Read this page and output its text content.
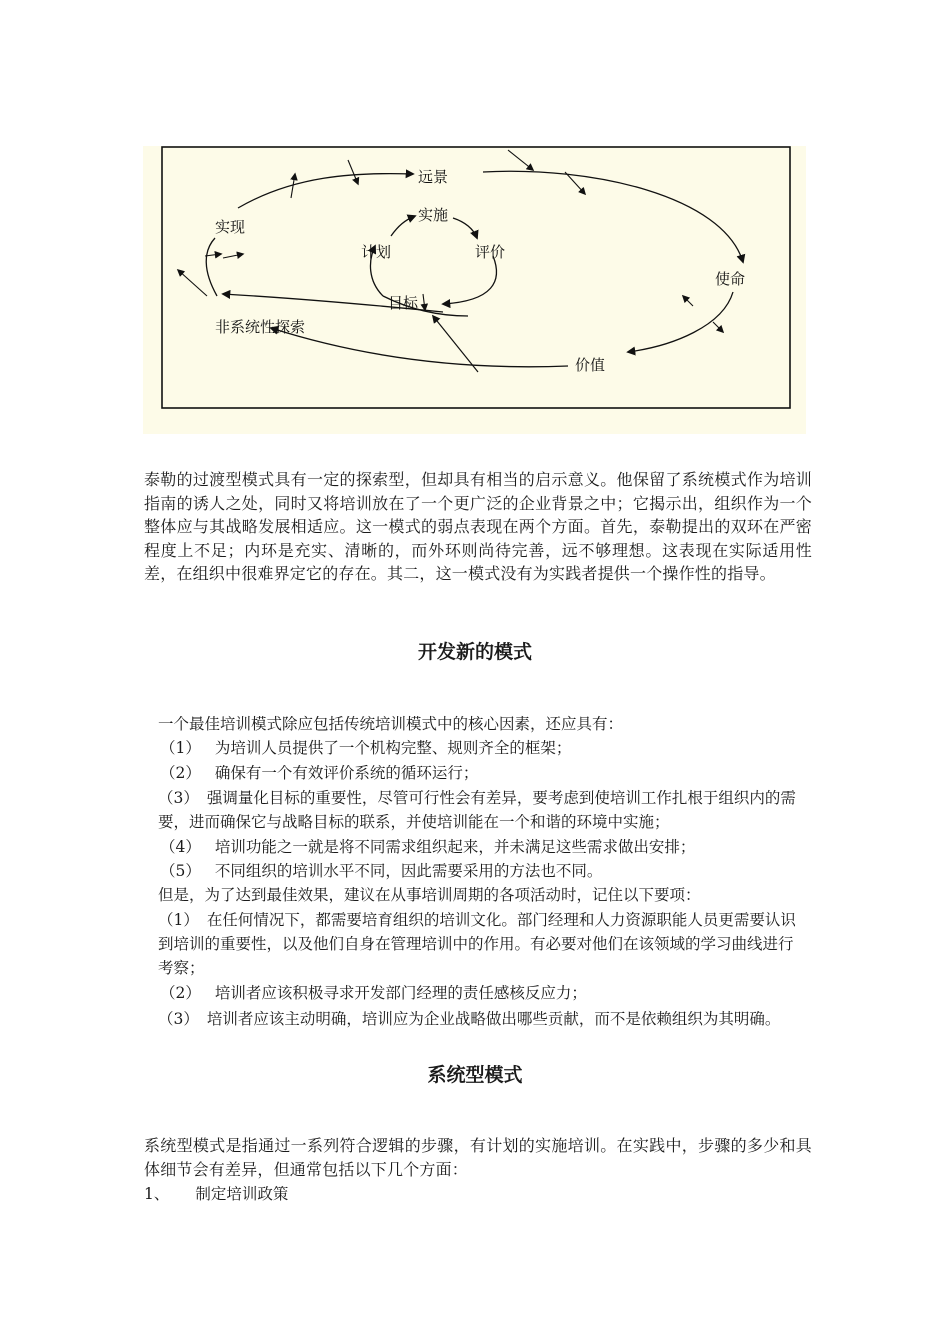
远景
实施
实现
计划	评价
使命
目标
非系统性探索
价值

泰勒的过渡型模式具有一定的探索型，但却具有相当的启示意义。他保留了系统模式作为培训指南的诱人之处，同时又将培训放在了一个更广泛的企业背景之中；它揭示出，组织作为一个整体应与其战略发展相适应。这一模式的弱点表现在两个方面。首先，泰勒提出的双环在严密程度上不足；内环是充实、清晰的，而外环则尚待完善，远不够理想。这表现在实际适用性差，在组织中很难界定它的存在。其二，这一模式没有为实践者提供一个操作性的指导。

开发新的模式

一个最佳培训模式除应包括传统培训模式中的核心因素，还应具有：

（1） 为培训人员提供了一个机构完整、规则齐全的框架；

（2） 确保有一个有效评价系统的循环运行；

（3） 强调量化目标的重要性，尽管可行性会有差异，要考虑到使培训工作扎根于组织内的需要，进而确保它与战略目标的联系，并使培训能在一个和谐的环境中实施；

（4） 培训功能之一就是将不同需求组织起来，并未满足这些需求做出安排；

（5） 不同组织的培训水平不同，因此需要采用的方法也不同。

但是，为了达到最佳效果，建议在从事培训周期的各项活动时，记住以下要项：

（1） 在任何情况下，都需要培育组织的培训文化。部门经理和人力资源职能人员更需要认识到培训的重要性，以及他们自身在管理培训中的作用。有必要对他们在该领域的学习曲线进行考察；

（2） 培训者应该积极寻求开发部门经理的责任感核反应力；

（3） 培训者应该主动明确，培训应为企业战略做出哪些贡献，而不是依赖组织为其明确。

系统型模式

系统型模式是指通过一系列符合逻辑的步骤，有计划的实施培训。在实践中，步骤的多少和具体细节会有差异，但通常包括以下几个方面：

1、 制定培训政策
